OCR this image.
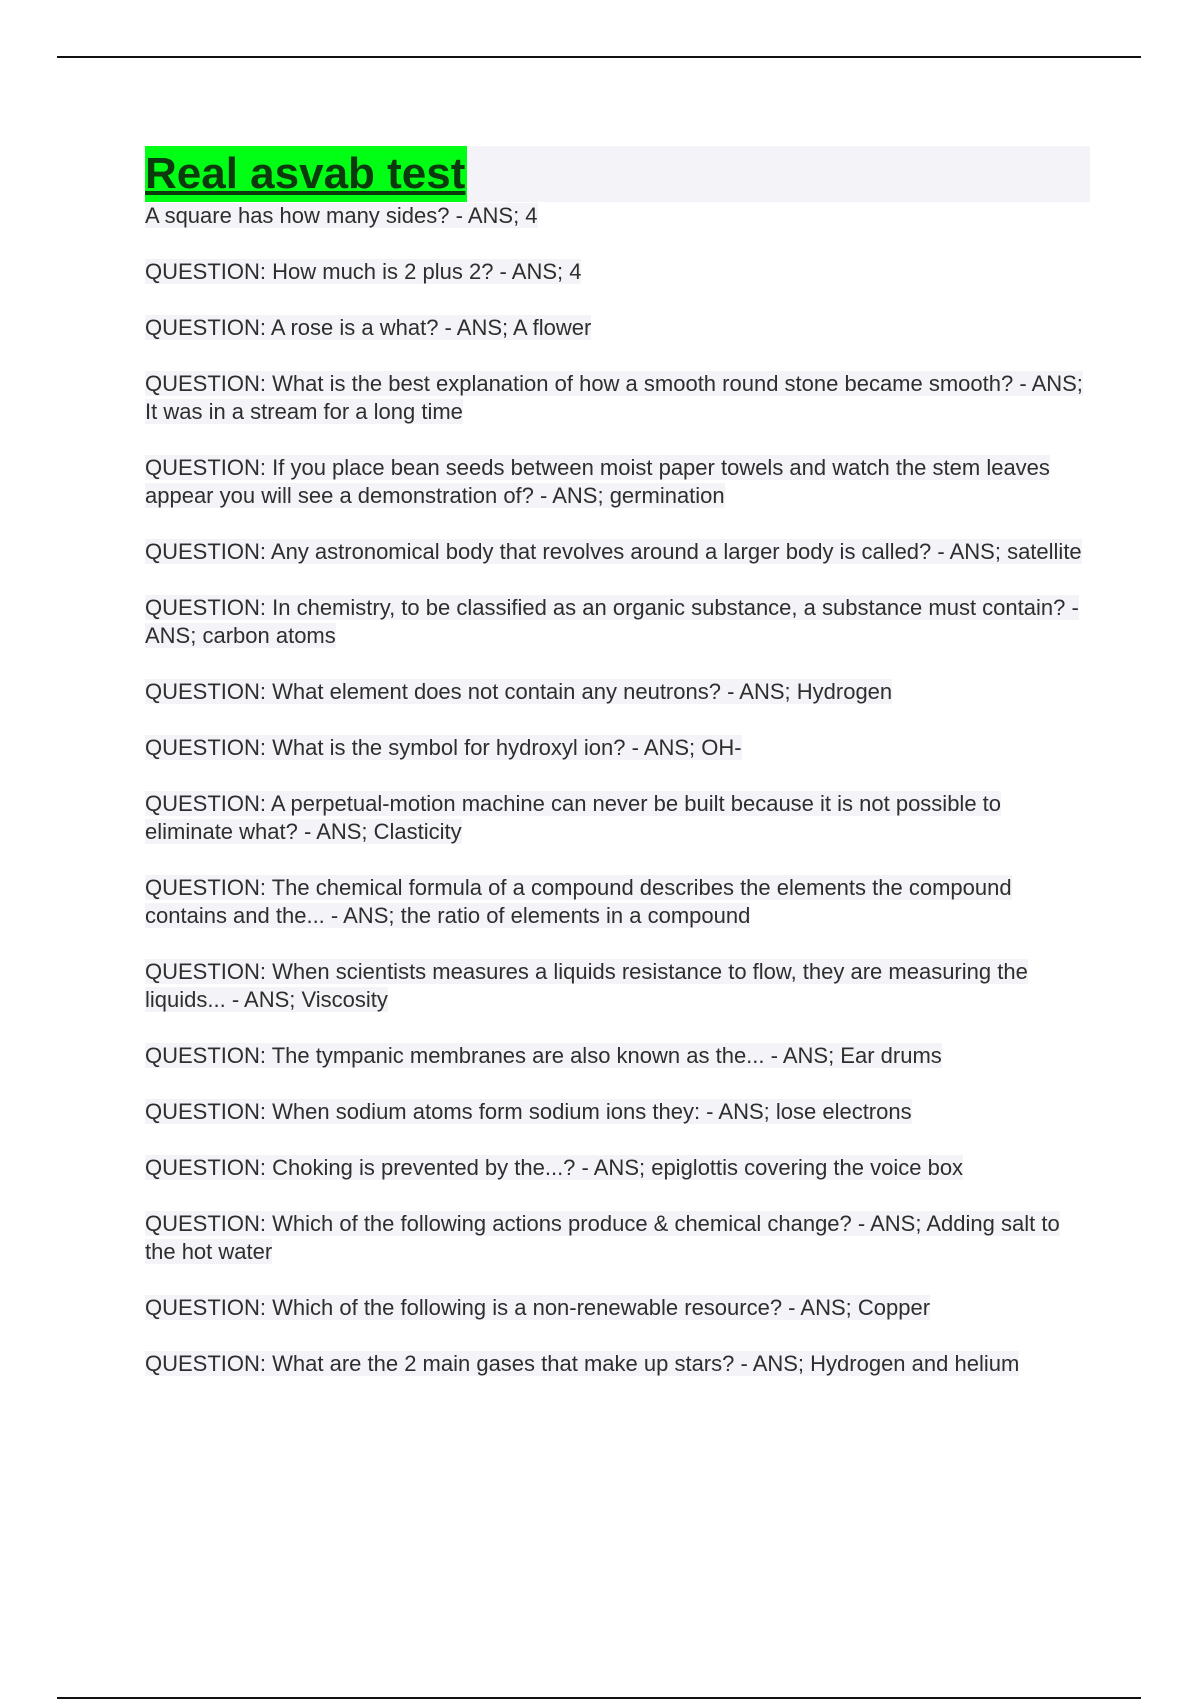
Real asvab test
A square has how many sides? - ANS; 4
QUESTION: How much is 2 plus 2? - ANS; 4
QUESTION: A rose is a what? - ANS; A flower
QUESTION: What is the best explanation of how a smooth round stone became smooth? - ANS; It was in a stream for a long time
QUESTION: If you place bean seeds between moist paper towels and watch the stem leaves appear you will see a demonstration of? - ANS; germination
QUESTION: Any astronomical body that revolves around a larger body is called? - ANS; satellite
QUESTION: In chemistry, to be classified as an organic substance, a substance must contain? - ANS; carbon atoms
QUESTION: What element does not contain any neutrons? - ANS; Hydrogen
QUESTION: What is the symbol for hydroxyl ion? - ANS; OH-
QUESTION: A perpetual-motion machine can never be built because it is not possible to eliminate what? - ANS; Clasticity
QUESTION: The chemical formula of a compound describes the elements the compound contains and the... - ANS; the ratio of elements in a compound
QUESTION: When scientists measures a liquids resistance to flow, they are measuring the liquids... - ANS; Viscosity
QUESTION: The tympanic membranes are also known as the... - ANS; Ear drums
QUESTION: When sodium atoms form sodium ions they: - ANS; lose electrons
QUESTION: Choking is prevented by the...? - ANS; epiglottis covering the voice box
QUESTION: Which of the following actions produce & chemical change? - ANS; Adding salt to the hot water
QUESTION: Which of the following is a non-renewable resource? - ANS; Copper
QUESTION: What are the 2 main gases that make up stars? - ANS; Hydrogen and helium
